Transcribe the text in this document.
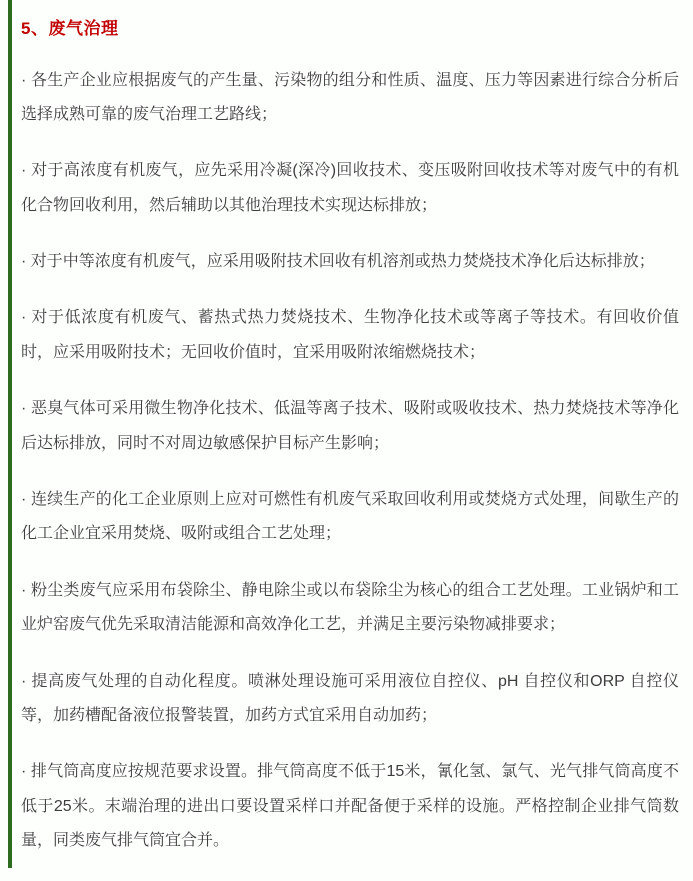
5、废气治理

· 各生产企业应根据废气的产生量、污染物的组分和性质、温度、压力等因素进行综合分析后选择成熟可靠的废气治理工艺路线；

· 对于高浓度有机废气，应先采用冷凝(深冷)回收技术、变压吸附回收技术等对废气中的有机化合物回收利用，然后辅助以其他治理技术实现达标排放；

· 对于中等浓度有机废气，应采用吸附技术回收有机溶剂或热力焚烧技术净化后达标排放；

· 对于低浓度有机废气、蓄热式热力焚烧技术、生物净化技术或等离子等技术。有回收价值时，应采用吸附技术；无回收价值时，宜采用吸附浓缩燃烧技术；

· 恶臭气体可采用微生物净化技术、低温等离子技术、吸附或吸收技术、热力焚烧技术等净化后达标排放，同时不对周边敏感保护目标产生影响；

· 连续生产的化工企业原则上应对可燃性有机废气采取回收利用或焚烧方式处理，间歇生产的化工企业宜采用焚烧、吸附或组合工艺处理；

· 粉尘类废气应采用布袋除尘、静电除尘或以布袋除尘为核心的组合工艺处理。工业锅炉和工业炉窑废气优先采取清洁能源和高效净化工艺，并满足主要污染物减排要求；

· 提高废气处理的自动化程度。喷淋处理设施可采用液位自控仪、pH 自控仪和ORP 自控仪等，加药槽配备液位报警装置，加药方式宜采用自动加药；

· 排气筒高度应按规范要求设置。排气筒高度不低于15米，氰化氢、氯气、光气排气筒高度不低于25米。末端治理的进出口要设置采样口并配备便于采样的设施。严格控制企业排气筒数量，同类废气排气筒宜合并。
